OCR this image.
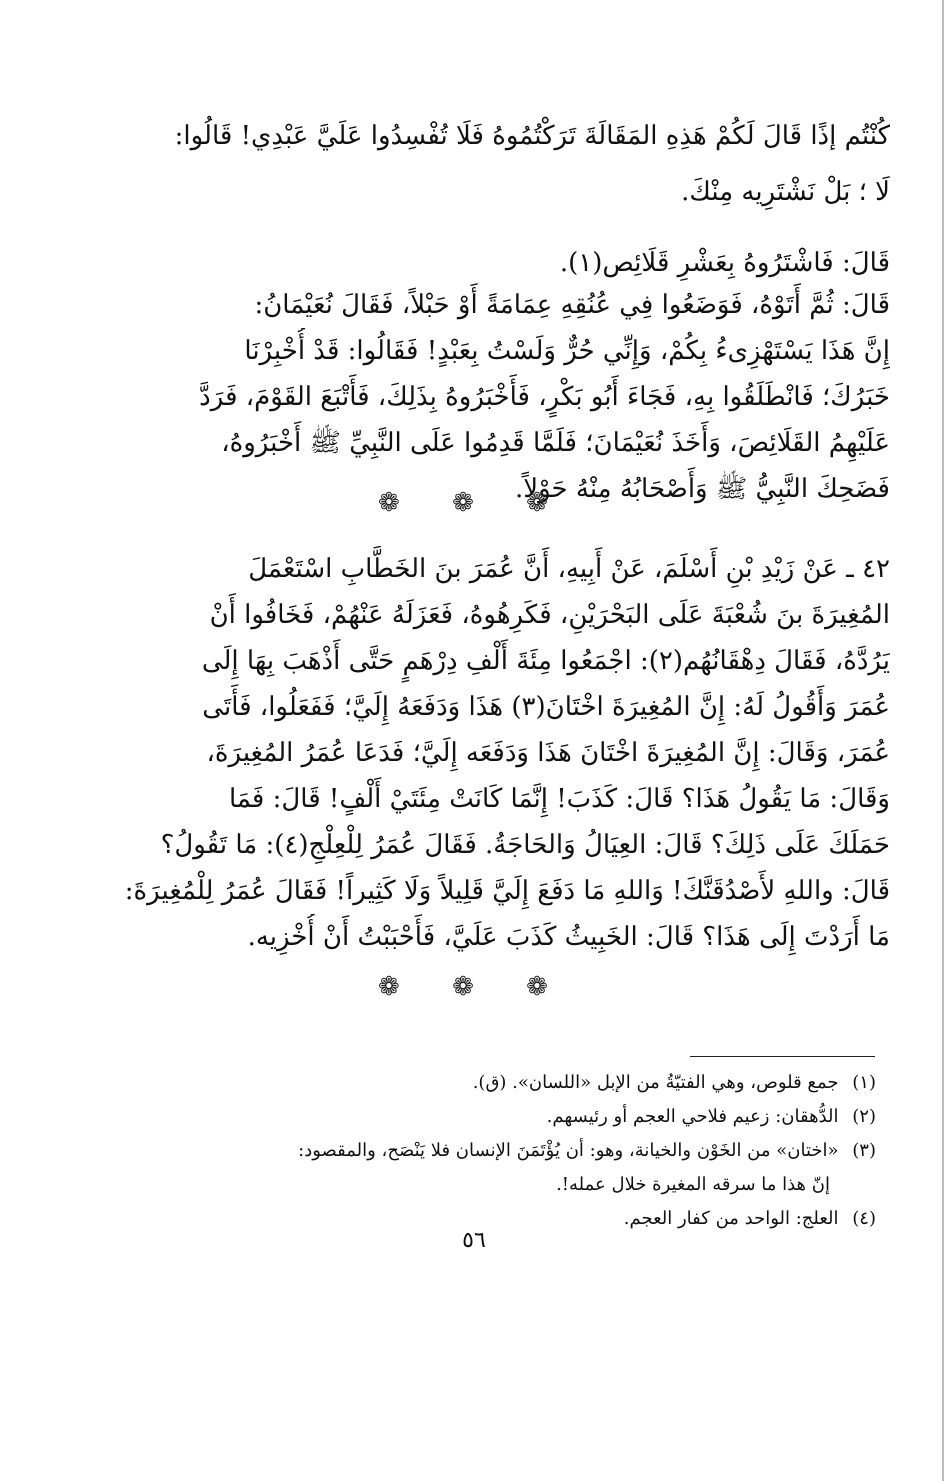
كُنْتُم إذًا قَالَ لَكُمْ هَذِهِ المَقَالَةَ تَرَكْتُمُوهُ فَلَا تُفْسِدُوا عَلَيَّ عَبْدِي! قَالُوا:
لَا ؛ بَلْ نَشْتَرِيه مِنْكَ.
قَالَ: فَاشْتَرُوهُ بِعَشْرِ قَلَائِص(١).
قَالَ: ثُمَّ أَتَوْهُ، فَوَضَعُوا فِي عُنُقِهِ عِمَامَةً أَوْ حَبْلاً، فَقَالَ نُعَيْمَانُ:
إِنَّ هَذَا يَسْتَهْزِىءُ بِكُمْ، وَإِنِّي حُرٌّ وَلَسْتُ بِعَبْدٍ! فَقَالُوا: قَدْ أُخْبِرْنَا
خَبَرُكَ؛ فَانْطَلَقُوا بِهِ، فَجَاءَ أَبُو بَكْرٍ، فَأَخْبَرُوهُ بِذَلِكَ، فَأَتْبَعَ القَوْمَ، فَرَدَّ
عَلَيْهِمُ القَلَائِصَ، وَأَخَذَ نُعَيْمَانَ؛ فَلَمَّا قَدِمُوا عَلَى النَّبِيِّ ﷺ أَخْبَرُوهُ،
فَضَحِكَ النَّبِيُّ ﷺ وَأَصْحَابُهُ مِنْهُ حَوْلاً.
❁ ❁ ❁
٤٢ ـ عَنْ زَيْدِ بْنِ أَسْلَمَ، عَنْ أَبِيهِ، أَنَّ عُمَرَ بنَ الخَطَّابِ اسْتَعْمَلَ
المُغِيرَةَ بنَ شُعْبَةَ عَلَى البَحْرَيْنِ، فَكَرِهُوهُ، فَعَزَلَهُ عَنْهُمْ، فَخَافُوا أَنْ
يَرُدَّهُ، فَقَالَ دِهْقَانُهُم(٢): اجْمَعُوا مِئَةَ أَلْفِ دِرْهَمٍ حَتَّى أَذْهَبَ بِهَا إِلَى
عُمَرَ وَأَقُولُ لَهُ: إِنَّ المُغِيرَةَ اخْتَانَ(٣) هَذَا وَدَفَعَهُ إِلَيَّ؛ فَفَعَلُوا، فَأَتَى
عُمَرَ، وَقَالَ: إِنَّ المُغِيرَةَ اخْتَانَ هَذَا وَدَفَعَه إِلَيَّ؛ فَدَعَا عُمَرُ المُغِيرَةَ،
وَقَالَ: مَا يَقُولُ هَذَا؟ قَالَ: كَذَبَ! إِنَّمَا كَانَتْ مِئَتَيْ أَلْفٍ! قَالَ: فَمَا
حَمَلَكَ عَلَى ذَلِكَ؟ قَالَ: العِيَالُ وَالحَاجَةُ. فَقَالَ عُمَرُ لِلْعِلْجِ(٤): مَا تَقُولُ؟
قَالَ: واللهِ لأَصْدُقَنَّكَ! وَاللهِ مَا دَفَعَ إِلَيَّ قَلِيلاً وَلَا كَثِيراً! فَقَالَ عُمَرُ لِلْمُغِيرَةَ:
مَا أَرَدْتَ إِلَى هَذَا؟ قَالَ: الخَبِيثُ كَذَبَ عَلَيَّ، فَأَحْبَبْتُ أَنْ أُخْزِيه.
❁ ❁ ❁
(١) جمع قلوص، وهي الفتيّةُ من الإبل «اللسان». (ق).
(٢) الدُّهقان: زعيم فلاحي العجم أو رئيسهم.
(٣) «اختان» من الخَوْن والخيانة، وهو: أن يُؤْتَمَنَ الإنسان فلا يَنْصَح، والمقصود:
إنّ هذا ما سرقه المغيرة خلال عمله!.
(٤) العلج: الواحد من كفار العجم.
٥٦
